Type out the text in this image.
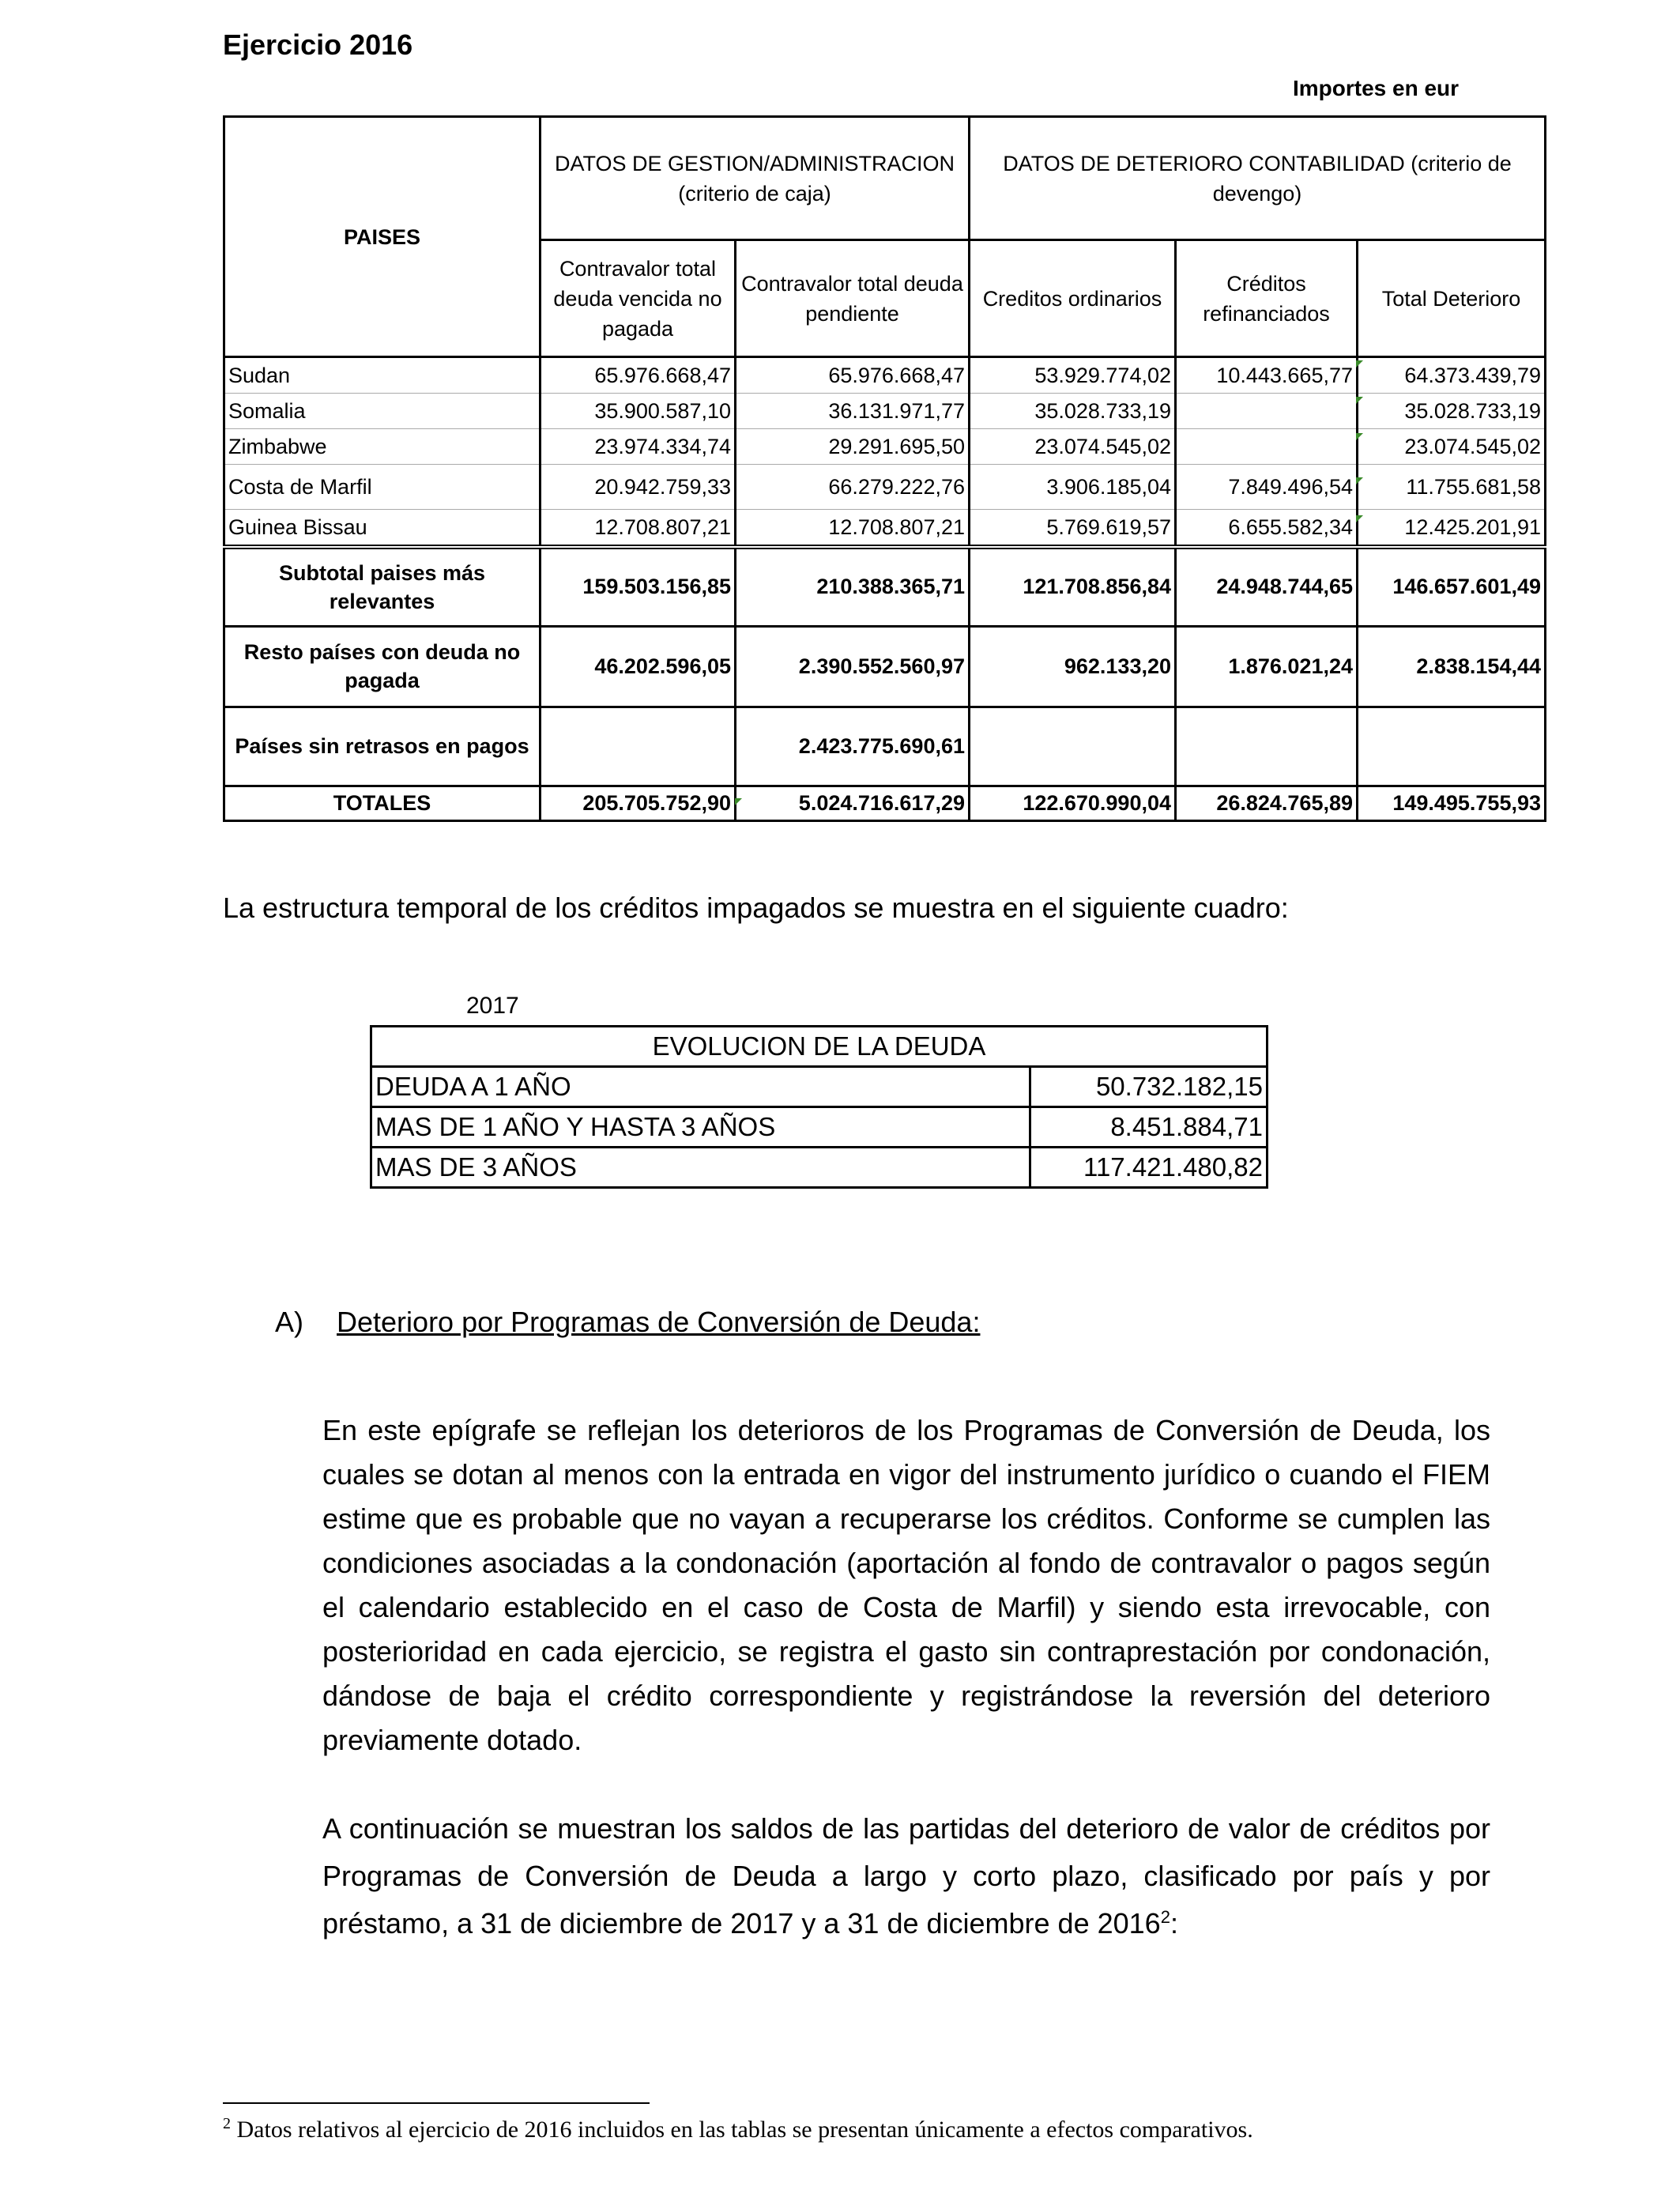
Ejercicio 2016
Importes en eur
PAISES	DATOS DE GESTION/ADMINISTRACION (criterio de caja)		DATOS DE DETERIORO CONTABILIDAD (criterio de devengo)		
	Contravalor total deuda vencida no pagada	Contravalor total deuda pendiente	Creditos ordinarios	Créditos refinanciados	Total Deterioro
Sudan	65.976.668,47	65.976.668,47	53.929.774,02	10.443.665,77	64.373.439,79
Somalia	35.900.587,10	36.131.971,77	35.028.733,19		35.028.733,19
Zimbabwe	23.974.334,74	29.291.695,50	23.074.545,02		23.074.545,02
Costa de Marfil	20.942.759,33	66.279.222,76	3.906.185,04	7.849.496,54	11.755.681,58
Guinea Bissau	12.708.807,21	12.708.807,21	5.769.619,57	6.655.582,34	12.425.201,91
Subtotal paises más relevantes	159.503.156,85	210.388.365,71	121.708.856,84	24.948.744,65	146.657.601,49
Resto países con deuda no pagada	46.202.596,05	2.390.552.560,97	962.133,20	1.876.021,24	2.838.154,44
Países sin retrasos en pagos		2.423.775.690,61			
TOTALES	205.705.752,90	5.024.716.617,29	122.670.990,04	26.824.765,89	149.495.755,93
La estructura temporal de los créditos impagados se muestra en el siguiente cuadro:
2017
EVOLUCION DE LA DEUDA	
DEUDA A 1 AÑO	50.732.182,15
MAS DE 1 AÑO Y HASTA 3 AÑOS	8.451.884,71
MAS DE 3 AÑOS	117.421.480,82
A) Deterioro por Programas de Conversión de Deuda:
En este epígrafe se reflejan los deterioros de los Programas de Conversión de Deuda, los cuales se dotan al menos con la entrada en vigor del instrumento jurídico o cuando el FIEM estime que es probable que no vayan a recuperarse los créditos. Conforme se cumplen las condiciones asociadas a la condonación (aportación al fondo de contravalor o pagos según el calendario establecido en el caso de Costa de Marfil) y siendo esta irrevocable, con posterioridad en cada ejercicio, se registra el gasto sin contraprestación por condonación, dándose de baja el crédito correspondiente y registrándose la reversión del deterioro previamente dotado.
A continuación se muestran los saldos de las partidas del deterioro de valor de créditos por Programas de Conversión de Deuda a largo y corto plazo, clasificado por país y por préstamo, a 31 de diciembre de 2017 y a 31 de diciembre de 2016$^2$:
$^2$ Datos relativos al ejercicio de 2016 incluidos en las tablas se presentan únicamente a efectos comparativos.
